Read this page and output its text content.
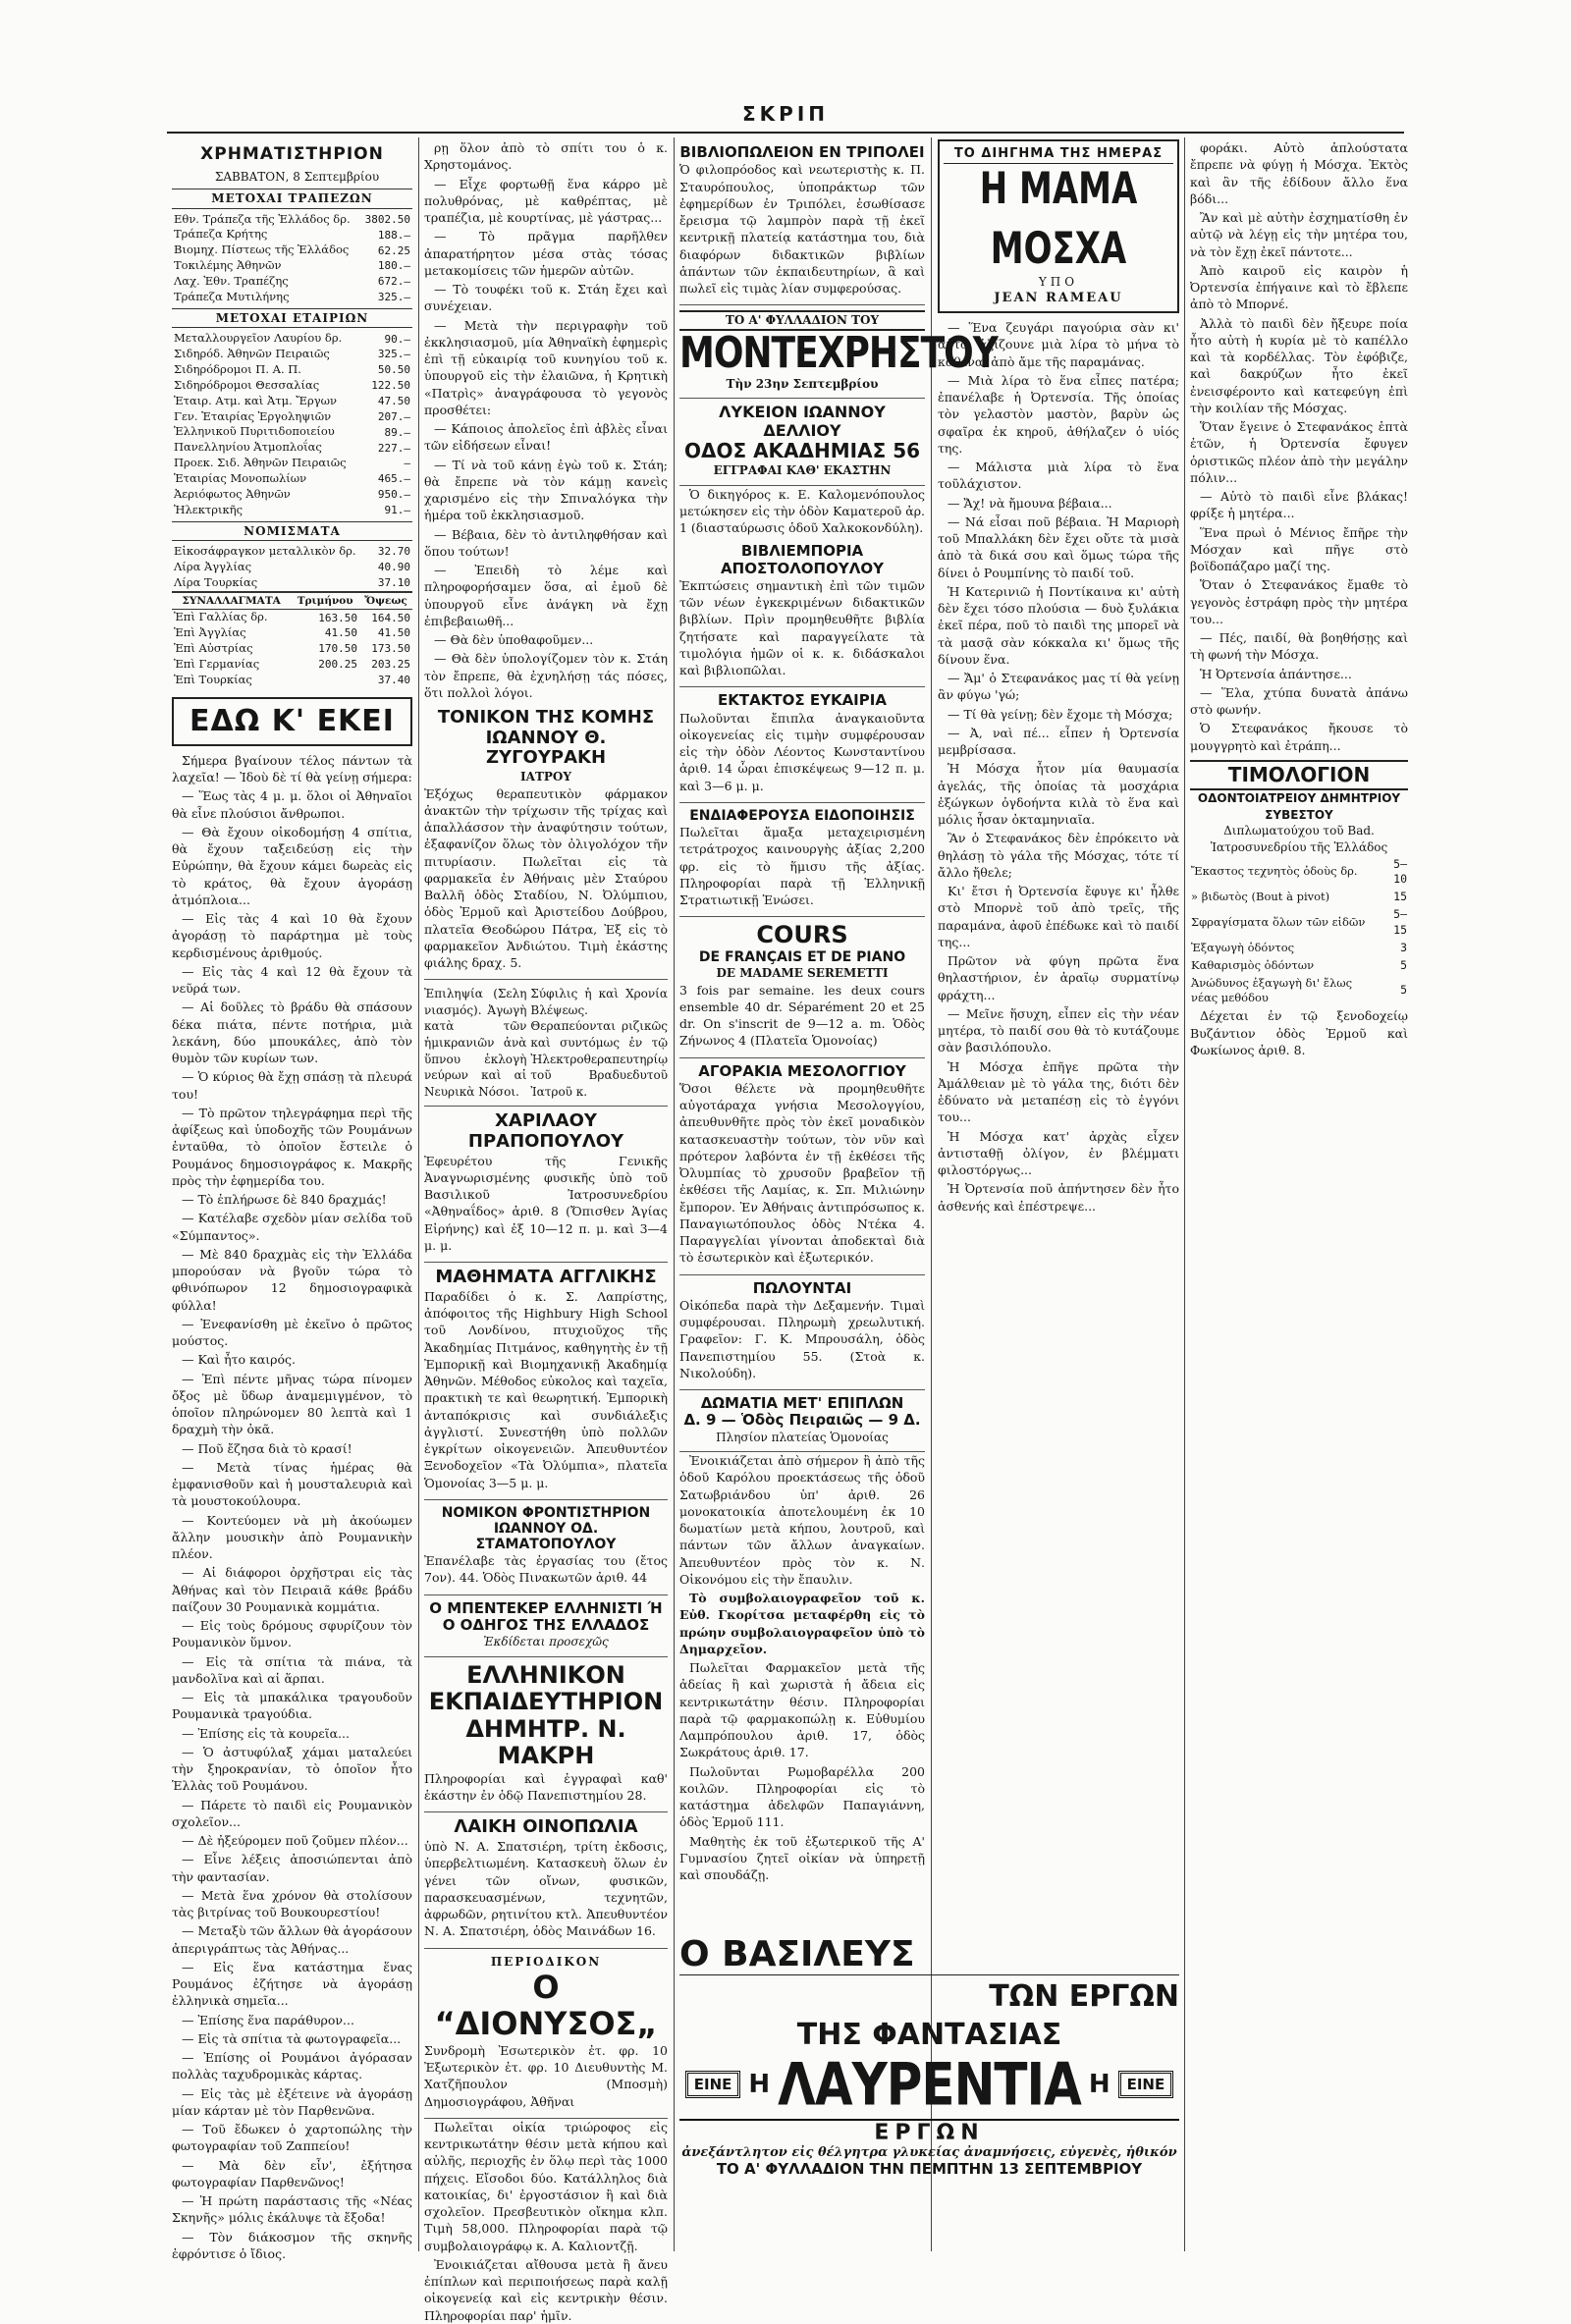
ΣΚΡΙΠ
ΧΡΗΜΑΤΙΣΤΗΡΙΟΝ

ΣΑΒΒΑΤΟΝ, 8 Σεπτεμβρίου

ΜΕΤΟΧΑΙ ΤΡΑΠΕΖΩΝ
Εθν. Τράπεζα τῆς Ἑλλάδος δρ.	3802.50
Τράπεζα Κρήτης	188.—
Βιομηχ. Πίστεως τῆς Ἑλλάδος	62.25
Τοκιλέμης Ἀθηνῶν	180.—
Λαχ. Ἐθν. Τραπέζης	672.—
Τράπεζα Μυτιλήνης	325.—
ΜΕΤΟΧΑΙ ΕΤΑΙΡΙΩΝ
Μεταλλουργεῖον Λαυρίου δρ.	90.—
Σιδηρόδ. Ἀθηνῶν Πειραιῶς	325.—
Σιδηρόδρομοι Π. Α. Π.	50.50
Σιδηρόδρομοι Θεσσαλίας	122.50
Ἑταιρ. Ατμ. καὶ Ἀτμ. Ἔργων	47.50
Γεν. Ἑταιρίας Ἐργοληψιῶν	207.—
Ἑλληνικοῦ Πυριτιδοποιείου	89.—
Πανελληνίου Ἀτμοπλοΐας	227.—
Προεκ. Σιδ. Ἀθηνῶν Πειραιῶς	—
Ἑταιρίας Μονοπωλίων	465.—
Ἀεριόφωτος Ἀθηνῶν	950.—
Ἠλεκτρικῆς	91.—
ΝΟΜΙΣΜΑΤΑ
Εἰκοσάφραγκον μεταλλικὸν δρ.	32.70
Λίρα Ἀγγλίας	40.90
Λίρα Τουρκίας	37.10
ΣΥΝΑΛΛΑΓΜΑΤΑ	Τριμήνου	Ὄψεως
Ἐπὶ Γαλλίας δρ.	163.50	164.50
Ἐπὶ Ἀγγλίας	41.50	41.50
Ἐπὶ Αὐστρίας	170.50	173.50
Ἐπὶ Γερμανίας	200.25	203.25
Ἐπὶ Τουρκίας		37.40
ΕΔΩ Κ' ΕΚΕΙ

Σήμερα βγαίνουν τέλος πάντων τὰ λαχεῖα! — Ἰδοὺ δὲ τί θὰ γείνῃ σήμερα:

— Ἕως τὰς 4 μ. μ. ὅλοι οἱ Ἀθηναῖοι θὰ εἶνε πλούσιοι ἄνθρωποι.

— Θὰ ἔχουν οἰκοδομήσῃ 4 σπίτια, θὰ ἔχουν ταξειδεύσῃ εἰς τὴν Εὐρώπην, θὰ ἔχουν κάμει δωρεὰς εἰς τὸ κράτος, θὰ ἔχουν ἀγοράσῃ ἀτμόπλοια...

— Εἰς τὰς 4 καὶ 10 θὰ ἔχουν ἀγοράσῃ τὸ παράρτημα μὲ τοὺς κερδισμένους ἀριθμούς.

— Εἰς τὰς 4 καὶ 12 θὰ ἔχουν τὰ νεῦρά των.

— Αἱ δοῦλες τὸ βράδυ θὰ σπάσουν δέκα πιάτα, πέντε ποτήρια, μιὰ λεκάνη, δύο μπουκάλες, ἀπὸ τὸν θυμὸν τῶν κυρίων των.

— Ὁ κύριος θὰ ἔχῃ σπάσῃ τὰ πλευρά του!

— Τὸ πρῶτον τηλεγράφημα περὶ τῆς ἀφίξεως καὶ ὑποδοχῆς τῶν Ρουμάνων ἐνταῦθα, τὸ ὁποῖον ἔστειλε ὁ Ρουμάνος δημοσιογράφος κ. Μακρῆς πρὸς τὴν ἐφημερίδα του.

— Τὸ ἐπλήρωσε δὲ 840 δραχμάς!

— Κατέλαβε σχεδὸν μίαν σελίδα τοῦ «Σύμπαντος».

— Μὲ 840 δραχμὰς εἰς τὴν Ἑλλάδα μπορούσαν νὰ βγοῦν τώρα τὸ φθινόπωρον 12 δημοσιογραφικὰ φύλλα!

— Ἐνεφανίσθη μὲ ἐκεῖνο ὁ πρῶτος μούστος.

— Καὶ ἦτο καιρός.

— Ἐπὶ πέντε μῆνας τώρα πίνομεν ὄξος μὲ ὕδωρ ἀναμεμιγμένον, τὸ ὁποῖον πληρώνομεν 80 λεπτὰ καὶ 1 δραχμὴ τὴν ὀκᾶ.

— Ποῦ ἔζησα διὰ τὸ κρασί!

— Μετὰ τίνας ἡμέρας θὰ ἐμφανισθοῦν καὶ ἡ μουσταλευριὰ καὶ τὰ μουστοκούλουρα.

— Κοντεύομεν νὰ μὴ ἀκούωμεν ἄλλην μουσικὴν ἀπὸ Ρουμανικὴν πλέον.

— Αἱ διάφοροι ὀρχῆστραι εἰς τὰς Ἀθήνας καὶ τὸν Πειραιᾶ κάθε βράδυ παίζουν 30 Ρουμανικὰ κομμάτια.

— Εἰς τοὺς δρόμους σφυρίζουν τὸν Ρουμανικὸν ὕμνον.

— Εἰς τὰ σπίτια τὰ πιάνα, τὰ μανδολῖνα καὶ αἱ ἅρπαι.

— Εἰς τὰ μπακάλικα τραγουδοῦν Ρουμανικὰ τραγούδια.

— Ἐπίσης εἰς τὰ κουρεῖα...

— Ὁ ἀστυφύλαξ χάμαι ματαλεύει τὴν ξηροκρανίαν, τὸ ὁποῖον ἦτο Ἑλλὰς τοῦ Ρουμάνου.

— Πάρετε τὸ παιδὶ εἰς Ρουμανικὸν σχολεῖον...

— Δὲ ἠξεύρομεν ποῦ ζοῦμεν πλέον...

— Εἶνε λέξεις ἀποσιώπενται ἀπὸ τὴν φαντασίαν.

— Μετὰ ἕνα χρόνον θὰ στολίσουν τὰς βιτρίνας τοῦ Βουκουρεστίου!

— Μεταξὺ τῶν ἄλλων θὰ ἀγοράσουν ἀπεριγράπτως τὰς Ἀθήνας...

— Εἰς ἕνα κατάστημα ἕνας Ρουμάνος ἐζήτησε νὰ ἀγοράσῃ ἐλληνικὰ σημεῖα...

— Ἐπίσης ἕνα παράθυρον...

— Εἰς τὰ σπίτια τὰ φωτογραφεῖα...

— Ἐπίσης οἱ Ρουμάνοι ἀγόρασαν πολλὰς ταχυδρομικὰς κάρτας.

— Εἰς τὰς μὲ ἐξέτεινε νὰ ἀγοράσῃ μίαν κάρταν μὲ τὸν Παρθενῶνα.

— Τοῦ ἔδωκεν ὁ χαρτοπώλης τὴν φωτογραφίαν τοῦ Ζαππείου!

— Μὰ δὲν εἶν', ἐξήτησα φωτογραφίαν Παρθενῶνος!

— Ἡ πρώτη παράστασις τῆς «Νέας Σκηνῆς» μόλις ἐκάλυψε τὰ ἔξοδα!

— Τὸν διάκοσμον τῆς σκηνῆς ἐφρόντισε ὁ ἴδιος.

ρῃ ὅλον ἀπὸ τὸ σπίτι του ὁ κ. Χρηστομάνος.

— Εἶχε φορτωθῇ ἕνα κάρρο μὲ πολυθρόνας, μὲ καθρέπτας, μὲ τραπέζια, μὲ κουρτίνας, μὲ γάστρας...

— Τὸ πρᾶγμα παρῆλθεν ἀπαρατήρητον μέσα στὰς τόσας μετακομίσεις τῶν ἡμερῶν αὐτῶν.

— Τὸ τουφέκι τοῦ κ. Στάη ἔχει καὶ συνέχειαν.

— Μετὰ τὴν περιγραφὴν τοῦ ἐκκλησιασμοῦ, μία Ἀθηναϊκὴ ἐφημερὶς ἐπὶ τῇ εὐκαιρίᾳ τοῦ κυνηγίου τοῦ κ. ὑπουργοῦ εἰς τὴν ἐλαιῶνα, ἡ Κρητικὴ «Πατρὶς» ἀναγράφουσα τὸ γεγονὸς προσθέτει:

— Κάποιος ἀπολεῖος ἐπὶ ἀβλὲς εἶναι τῶν εἰδήσεων εἶναι!

— Τί νὰ τοῦ κάνῃ ἐγὼ τοῦ κ. Στάη; θὰ ἔπρεπε νὰ τὸν κάμῃ κανεὶς χαρισμένο εἰς τὴν Σπιναλόγκα τὴν ἡμέρα τοῦ ἐκκλησιασμοῦ.

— Βέβαια, δὲν τὸ ἀντιληφθήσαν καὶ ὅπου τούτων!

— Ἐπειδὴ τὸ λέμε καὶ πληροφορήσαμεν ὅσα, αἰ ἐμοῦ δὲ ὑπουργοῦ εἶνε ἀνάγκη νὰ ἔχῃ ἐπιβεβαιωθῆ...

— Θὰ δὲν ὑποθαφοῦμεν...

— Θὰ δὲν ὑπολογίζομεν τὸν κ. Στάη τὸν ἔπρεπε, θὰ ἐχνηλήσῃ τάς πόσες, ὅτι πολλοὶ λόγοι.

ΤΟΝΙΚΟΝ ΤΗΣ ΚΟΜΗΣ
ΙΩΑΝΝΟΥ Θ. ΖΥΓΟΥΡΑΚΗ
ΙΑΤΡΟΥ

Ἐξόχως θεραπευτικὸν φάρμακον ἀνακτῶν τὴν τρίχωσιν τῆς τρίχας καὶ ἀπαλλάσσον τὴν ἀναφύτησιν τούτων, ἐξαφανίζον ὅλως τὸν ὀλιγολόχον τῆν πιτυρίασιν. Πωλεῖται εἰς τὰ φαρμακεῖα ἐν Ἀθήναις μὲν Σταύρου Βαλλῆ ὁδὸς Σταδίου, Ν. Ὀλύμπιου, ὁδὸς Ἑρμοῦ καὶ Ἀριστείδου Δούβρου, πλατεῖα Θεοδώρου Πάτρα, Ἐξ εἰς τὸ φαρμακεῖον Ἀνδιώτου. Τιμὴ ἑκάστης φιάλης δραχ. 5.

Ἐπιληψία (Σελη νιασμός). Ἀγωγὴ κατὰ τῶν ἡμικρανιῶν ἀνὰ ὕπνου ἐκλογὴ νεύρων καὶ αἱ Νευρικὰ Νόσοι.
Σύφιλις ἡ καὶ Χρονία Βλέψεως. Θεραπεύονται ριζικῶς καὶ συντόμως ἐν τῷ Ἠλεκτροθεραπευτηρίῳ τοῦ Βραδυεδυτοῦ Ἰατροῦ κ.
ΧΑΡΙΛΑΟΥ ΠΡΑΠΟΠΟΥΛΟΥ

Ἐφευρέτου τῆς Γενικῆς Ἀναγνωρισμένης φυσικῆς ὑπὸ τοῦ Βασιλικοῦ Ἰατροσυνεδρίου «Ἀθηναΐδος» ἀριθ. 8 (Ὄπισθεν Ἁγίας Εἰρήνης) καὶ ἐξ 10—12 π. μ. καὶ 3—4 μ. μ.

ΜΑΘΗΜΑΤΑ ΑΓΓΛΙΚΗΣ

Παραδίδει ὁ κ. Σ. Λαπρίστης, ἀπόφοιτος τῆς Highbury High School τοῦ Λονδίνου, πτυχιοῦχος τῆς Ἀκαδημίας Πιτμάνος, καθηγητὴς ἐν τῇ Ἐμπορικῇ καὶ Βιομηχανικῇ Ἀκαδημίᾳ Ἀθηνῶν. Μέθοδος εὐκολος καὶ ταχεῖα, πρακτικὴ τε καὶ θεωρητική. Ἐμπορικὴ ἀνταπόκρισις καὶ συνδιάλεξις ἀγγλιστί. Συνεστήθη ὑπὸ πολλῶν ἐγκρίτων οἰκογενειῶν. Ἀπευθυντέον Ξενοδοχεῖον «Τὰ Ὀλύμπια», πλατεῖα Ὁμονοίας 3—5 μ. μ.

ΝΟΜΙΚΟΝ ΦΡΟΝΤΙΣΤΗΡΙΟΝ ΙΩΑΝΝΟΥ ΟΔ. ΣΤΑΜΑΤΟΠΟΥΛΟΥ

Ἐπανέλαβε τὰς ἐργασίας του (ἔτος 7ον). 44. Ὁδὸς Πινακωτῶν ἀριθ. 44

Ο ΜΠΕΝΤΕΚΕΡ ΕΛΛΗΝΙΣΤΙ Ή Ο ΟΔΗΓΟΣ ΤΗΣ ΕΛΛΑΔΟΣ
Ἐκδίδεται προσεχῶς
ΕΛΛΗΝΙΚΟΝ ΕΚΠΑΙΔΕΥΤΗΡΙΟΝ ΔΗΜΗΤΡ. Ν. ΜΑΚΡΗ

Πληροφορίαι καὶ ἐγγραφαὶ καθ' ἑκάστην ἐν ὁδῷ Πανεπιστημίου 28.

ΛΑΙΚΗ ΟΙΝΟΠΩΛΙΑ

ὑπὸ Ν. Α. Σπατσιέρη, τρίτη ἐκδοσις, ὑπερβελτιωμένη. Κατασκευὴ ὅλων ἐν γένει τῶν οἴνων, φυσικῶν, παρασκευασμένων, τεχνητῶν, ἀφρωδῶν, ρητινίτου κτλ. Ἀπευθυντέον Ν. Α. Σπατσιέρη, ὁδὸς Μαινάδων 16.

ΠΕΡΙΟΔΙΚΟΝ
Ο “ΔΙΟΝΥΣΟΣ„

Συνδρομὴ Ἐσωτερικὸν ἐτ. φρ. 10 Ἐξωτερικὸν ἐτ. φρ. 10 Διευθυντὴς Μ. Χατζῆπουλον (Μποσμὴ) Δημοσιογράφου, Ἀθῆναι

Πωλεῖται οἰκία τριώροφος εἰς κεντρικωτάτην θέσιν μετὰ κήπου καὶ αὐλῆς, περιοχῆς ἐν ὅλῳ περὶ τὰς 1000 πήχεις. Εἴσοδοι δύο. Κατάλληλος διὰ κατοικίας, δι' ἐργοστάσιον ἢ καὶ διὰ σχολεῖον. Πρεσβευτικὸν οἴκημα κλπ. Τιμὴ 58,000. Πληροφορίαι παρὰ τῷ συμβολαιογράφῳ κ. Α. Καλιοντζῇ.

Ἐνοικιάζεται αἴθουσα μετὰ ἢ ἄνευ ἐπίπλων καὶ περιποιήσεως παρὰ καλῇ οἰκογενείᾳ καὶ εἰς κεντρικὴν θέσιν. Πληροφορίαι παρ' ἡμῖν.

ΒΙΒΛΙΟΠΩΛΕΙΟΝ ΕΝ ΤΡΙΠΟΛΕΙ

Ὁ φιλοπρόοδος καὶ νεωτεριστὴς κ. Π. Σταυρόπουλος, ὑποπράκτωρ τῶν ἐφημερίδων ἐν Τριπόλει, ἐσωθίσασε ἔρεισμα τῷ λαμπρὸν παρὰ τῇ ἐκεῖ κεντρικῇ πλατείᾳ κατάστημα του, διὰ διαφόρων διδακτικῶν βιβλίων ἁπάντων τῶν ἐκπαιδευτηρίων, ἃ καὶ πωλεῖ εἰς τιμὰς λίαν συμφερούσας.

ΤΟ Α' ΦΥΛΛΑΔΙΟΝ ΤΟΥ
ΜΟΝΤΕΧΡΗΣΤΟΥ
Τὴν 23ην Σεπτεμβρίου
ΛΥΚΕΙΟΝ ΙΩΑΝΝΟΥ ΔΕΛΛΙΟΥ
ΟΔΟΣ ΑΚΑΔΗΜΙΑΣ 56
ΕΓΓΡΑΦΑΙ ΚΑΘ' ΕΚΑΣΤΗΝ

Ὁ δικηγόρος κ. Ε. Καλομενόπουλος μετώκησεν εἰς τὴν ὁδὸν Καματεροῦ ἀρ. 1 (διασταύρωσις ὁδοῦ Χαλκοκονδύλη).

ΒΙΒΛΙΕΜΠΟΡΙΑ ΑΠΟΣΤΟΛΟΠΟΥΛΟΥ

Ἐκπτώσεις σημαντικὴ ἐπὶ τῶν τιμῶν τῶν νέων ἐγκεκριμένων διδακτικῶν βιβλίων. Πρὶν προμηθευθῆτε βιβλία ζητήσατε καὶ παραγγείλατε τὰ τιμολόγια ἡμῶν οἱ κ. κ. διδάσκαλοι καὶ βιβλιοπῶλαι.

ΕΚΤΑΚΤΟΣ ΕΥΚΑΙΡΙΑ

Πωλοῦνται ἔπιπλα ἀναγκαιοῦντα οἰκογενείας εἰς τιμὴν συμφέρουσαν εἰς τὴν ὁδὸν Λέοντος Κωνσταντίνου ἀριθ. 14 ὧραι ἐπισκέψεως 9—12 π. μ. καὶ 3—6 μ. μ.

ΕΝΔΙΑΦΕΡΟΥΣΑ ΕΙΔΟΠΟΙΗΣΙΣ

Πωλεῖται ἄμαξα μεταχειρισμένη τετράτροχος καινουργὴς ἀξίας 2,200 φρ. εἰς τὸ ἥμισυ τῆς ἀξίας. Πληροφορίαι παρὰ τῇ Ἑλληνικῇ Στρατιωτικῇ Ἑνώσει.

COURS
DE FRANÇAIS ET DE PIANO
DE MADAME SEREMETTI

3 fois par semaine. les deux cours ensemble 40 dr. Séparément 20 et 25 dr. On s'inscrit de 9—12 a. m. Ὁδὸς Ζήνωνος 4 (Πλατεῖα Ὁμονοίας)

ΑΓΟΡΑΚΙΑ ΜΕΣΟΛΟΓΓΙΟΥ

Ὅσοι θέλετε νὰ προμηθευθῆτε αὐγοτάραχα γνήσια Μεσολογγίου, ἀπευθυνθῆτε πρὸς τὸν ἐκεῖ μοναδικὸν κατασκευαστὴν τούτων, τὸν νῦν καὶ πρότερον λαβόντα ἐν τῇ ἐκθέσει τῆς Ὀλυμπίας τὸ χρυσοῦν βραβεῖον τῇ ἐκθέσει τῆς Λαμίας, κ. Σπ. Μιλιώνην ἔμπορον. Ἐν Ἀθήναις ἀντιπρόσωπος κ. Παναγιωτόπουλος ὁδὸς Ντέκα 4. Παραγγελίαι γίνονται ἀποδεκταὶ διὰ τὸ ἐσωτερικὸν καὶ ἐξωτερικόν.

ΠΩΛΟΥΝΤΑΙ

Οἰκόπεδα παρὰ τὴν Δεξαμενήν. Τιμαὶ συμφέρουσαι. Πληρωμὴ χρεωλυτική. Γραφεῖον: Γ. Κ. Μπρουσάλη, ὁδὸς Πανεπιστημίου 55. (Στοὰ κ. Νικολούδη).

ΔΩΜΑΤΙΑ ΜΕΤ' ΕΠΙΠΛΩΝ
Δ. 9 — Ὁδὸς Πειραιῶς — 9 Δ.
Πλησίον πλατείας Ὁμονοίας

Ἐνοικιάζεται ἀπὸ σήμερον ἢ ἀπὸ τῆς ὁδοῦ Καρόλου προεκτάσεως τῆς ὁδοῦ Σατωβριάνδου ὑπ' ἀριθ. 26 μονοκατοικία ἀποτελουμένη ἐκ 10 δωματίων μετὰ κήπου, λουτροῦ, καὶ πάντων τῶν ἄλλων ἀναγκαίων. Ἀπευθυντέον πρὸς τὸν κ. Ν. Οἰκονόμου εἰς τὴν ἔπαυλιν.

Τὸ συμβολαιογραφεῖον τοῦ κ. Εὐθ. Γκορίτσα μεταφέρθη εἰς τὸ πρώην συμβολαιογραφεῖον ὑπὸ τὸ Δημαρχεῖον.

Πωλεῖται Φαρμακεῖον μετὰ τῆς ἀδείας ἢ καὶ χωριστὰ ἡ ἄδεια εἰς κεντρικωτάτην θέσιν. Πληροφορίαι παρὰ τῷ φαρμακοπώλῃ κ. Εὐθυμίου Λαμπρόπουλου ἀριθ. 17, ὁδὸς Σωκράτους ἀριθ. 17.

Πωλοῦνται Ρωμοβαρέλλα 200 κοιλῶν. Πληροφορίαι εἰς τὸ κατάστημα ἀδελφῶν Παπαγιάννη, ὁδὸς Ἑρμοῦ 111.

Μαθητὴς ἐκ τοῦ ἐξωτερικοῦ τῆς Α' Γυμνασίου ζητεῖ οἰκίαν νὰ ὑπηρετῇ καὶ σπουδάζῃ.

ΤΟ ΔΙΗΓΗΜΑ ΤΗΣ ΗΜΕΡΑΣ
Η ΜΑΜΑ ΜΟΣΧΑ
ΥΠΟ
JEAN RAMEAU

— Ἕνα ζευγάρι παγούρια σὰν κι' αὐτό, ἀξίζουνε μιὰ λίρα τὸ μήνα τὸ καθένα, ἀπὸ ἄμε τῆς παραμάνας.

— Μιὰ λίρα τὸ ἕνα εἶπες πατέρα; ἐπανέλαβε ἡ Ὀρτενσία. Τῆς ὁποίας τὸν γελαστὸν μαστὸν, βαρὺν ὡς σφαῖρα ἐκ κηροῦ, ἀθήλαζεν ὁ υἱός της.

— Μάλιστα μιὰ λίρα τὸ ἕνα τοῦλάχιστον.

— Ἄχ! νὰ ἤμουνα βέβαια...

— Νά εἶσαι ποῦ βέβαια. Ἡ Μαριορὴ τοῦ Μπαλλάκη δὲν ἔχει οὔτε τὰ μισὰ ἀπὸ τὰ δικά σου καὶ ὅμως τώρα τῆς δίνει ὁ Ρουμπίνης τὸ παιδί τοῦ.

Ἡ Κατερινιῶ ἡ Ποντίκαινα κι' αὐτὴ δὲν ἔχει τόσο πλούσια — δυὸ ξυλάκια ἐκεῖ πέρα, ποῦ τὸ παιδὶ της μπορεῖ νὰ τὰ μασᾷ σὰν κόκκαλα κι' ὅμως τῆς δίνουν ἕνα.

— Ἄμ' ὁ Στεφανάκος μας τί θὰ γείνῃ ἂν φύγω 'γώ;

— Τί θὰ γείνῃ; δὲν ἔχομε τὴ Μόσχα;

— Ἀ, ναὶ πέ... εἶπεν ἡ Ὀρτενσία μεμβρίσασα.

Ἡ Μόσχα ἦτον μία θαυμασία ἀγελάς, τῆς ὁποίας τὰ μοσχάρια ἐξώγκων ὀγδοήντα κιλὰ τὸ ἕνα καὶ μόλις ἦσαν ὀκταμηνιαῖα.

Ἂν ὁ Στεφανάκος δὲν ἐπρόκειτο νὰ θηλάσῃ τὸ γάλα τῆς Μόσχας, τότε τί ἄλλο ἤθελε;

Κι' ἔτσι ἡ Ὀρτενσία ἔφυγε κι' ἦλθε στὸ Μπορνὲ τοῦ ἀπὸ τρεῖς, τῆς παραμάνα, ἀφοῦ ἐπέδωκε καὶ τὸ παιδί της...

Πρῶτον νὰ φύγη πρῶτα ἕνα θηλαστήριον, ἐν ἀραῖῳ συρματίνῳ φράχτη...

— Μεῖνε ἥσυχη, εἶπεν εἰς τὴν νέαν μητέρα, τὸ παιδί σου θὰ τὸ κυτάζουμε σὰν βασιλόπουλο.

Ἡ Μόσχα ἐπῆγε πρῶτα τὴν Ἀμάλθειαν μὲ τὸ γάλα της, διότι δὲν ἐδύνατο νὰ μεταπέσῃ εἰς τὸ ἐγγόνι του...

Ἡ Μόσχα κατ' ἀρχὰς εἶχεν ἀντισταθῇ ὀλίγον, ἐν βλέμματι φιλοστόργως...

Ἡ Ὀρτενσία ποῦ ἀπήντησεν δὲν ἦτο ἀσθενής καὶ ἐπέστρεψε...

φοράκι. Αὐτὸ ἀπλούστατα ἔπρεπε νὰ φύγῃ ἡ Μόσχα. Ἐκτὸς καὶ ἂν τῆς ἐδίδουν ἄλλο ἕνα βόδι...

Ἂν καὶ μὲ αὐτὴν ἐσχηματίσθη ἐν αὐτῷ νὰ λέγῃ εἰς τὴν μητέρα του, νὰ τὸν ἔχῃ ἐκεῖ πάντοτε...

Ἀπὸ καιροῦ εἰς καιρὸν ἡ Ὀρτενσία ἐπήγαινε καὶ τὸ ἔβλεπε ἀπὸ τὸ Μπορνέ.

Ἀλλὰ τὸ παιδὶ δὲν ἤξευρε ποία ἦτο αὐτὴ ἡ κυρία μὲ τὸ καπέλλο καὶ τὰ κορδέλλας. Τὸν ἐφόβιζε, καὶ δακρύζων ἦτο ἐκεῖ ἐνεισφέροντο καὶ κατεφεύγη ἐπὶ τὴν κοιλίαν τῆς Μόσχας.

Ὅταν ἔγεινε ὁ Στεφανάκος ἑπτὰ ἐτῶν, ἡ Ὀρτενσία ἔφυγεν ὁριστικῶς πλέον ἀπὸ τὴν μεγάλην πόλιν...

— Αὐτὸ τὸ παιδὶ εἶνε βλάκας! φρίξε ἡ μητέρα...

Ἕνα πρωὶ ὁ Μένιος ἔπῆρε τὴν Μόσχαν καὶ πῆγε στὸ βοϊδοπάζαρο μαζί της.

Ὅταν ὁ Στεφανάκος ἔμαθε τὸ γεγονὸς ἐστράφη πρὸς τὴν μητέρα του...

— Πές, παιδί, θὰ βοηθήσῃς καὶ τὴ φωνή τὴν Μόσχα.

Ἡ Ὀρτενσία ἀπάντησε...

— Ἕλα, χτύπα δυνατὰ ἀπάνω στὸ φωνήν.

Ὁ Στεφανάκος ἤκουσε τὸ μουγγρητὸ καὶ ἐτράπη...

ΤΙΜΟΛΟΓΙΟΝ
ΟΔΟΝΤΟΙΑΤΡΕΙΟΥ ΔΗΜΗΤΡΙΟΥ ΣΥΒΕΣΤΟΥ
Διπλωματούχου τοῦ Bad. Ἰατροσυνεδρίου τῆς Ἑλλάδος
Ἔκαστος τεχνητὸς ὀδοὺς δρ.	5—10
» βιδωτὸς (Bout à pivot)	15
Σφραγίσματα ὅλων τῶν εἰδῶν	5—15
Ἐξαγωγὴ ὀδόντος	3
Καθαρισμὸς ὀδόντων	5
Ἀνώδυνος ἐξαγωγὴ δι' ἔλως νέας μεθόδου	5

Δέχεται ἐν τῷ ξενοδοχείῳ Βυζάντιον ὁδὸς Ἑρμοῦ καὶ Φωκίωνος ἀριθ. 8.

Ο ΒΑΣΙΛΕΥΣ
ΤΩΝ ΕΡΓΩΝ
ΤΗΣ ΦΑΝΤΑΣΙΑΣ
ΕΙΝΕ Η ΛΑΥΡΕΝΤΙΑ Η	ΕΙΝΕ
ΕΡΓΩΝ
ἀνεξάντλητον εἰς θέλγητρα γλυκείας ἀναμνήσεις, εὐγενὲς, ἡθικόν
ΤΟ Α' ΦΥΛΛΑΔΙΟΝ ΤΗΝ ΠΕΜΠΤΗΝ 13 ΣΕΠΤΕΜΒΡΙΟΥ
